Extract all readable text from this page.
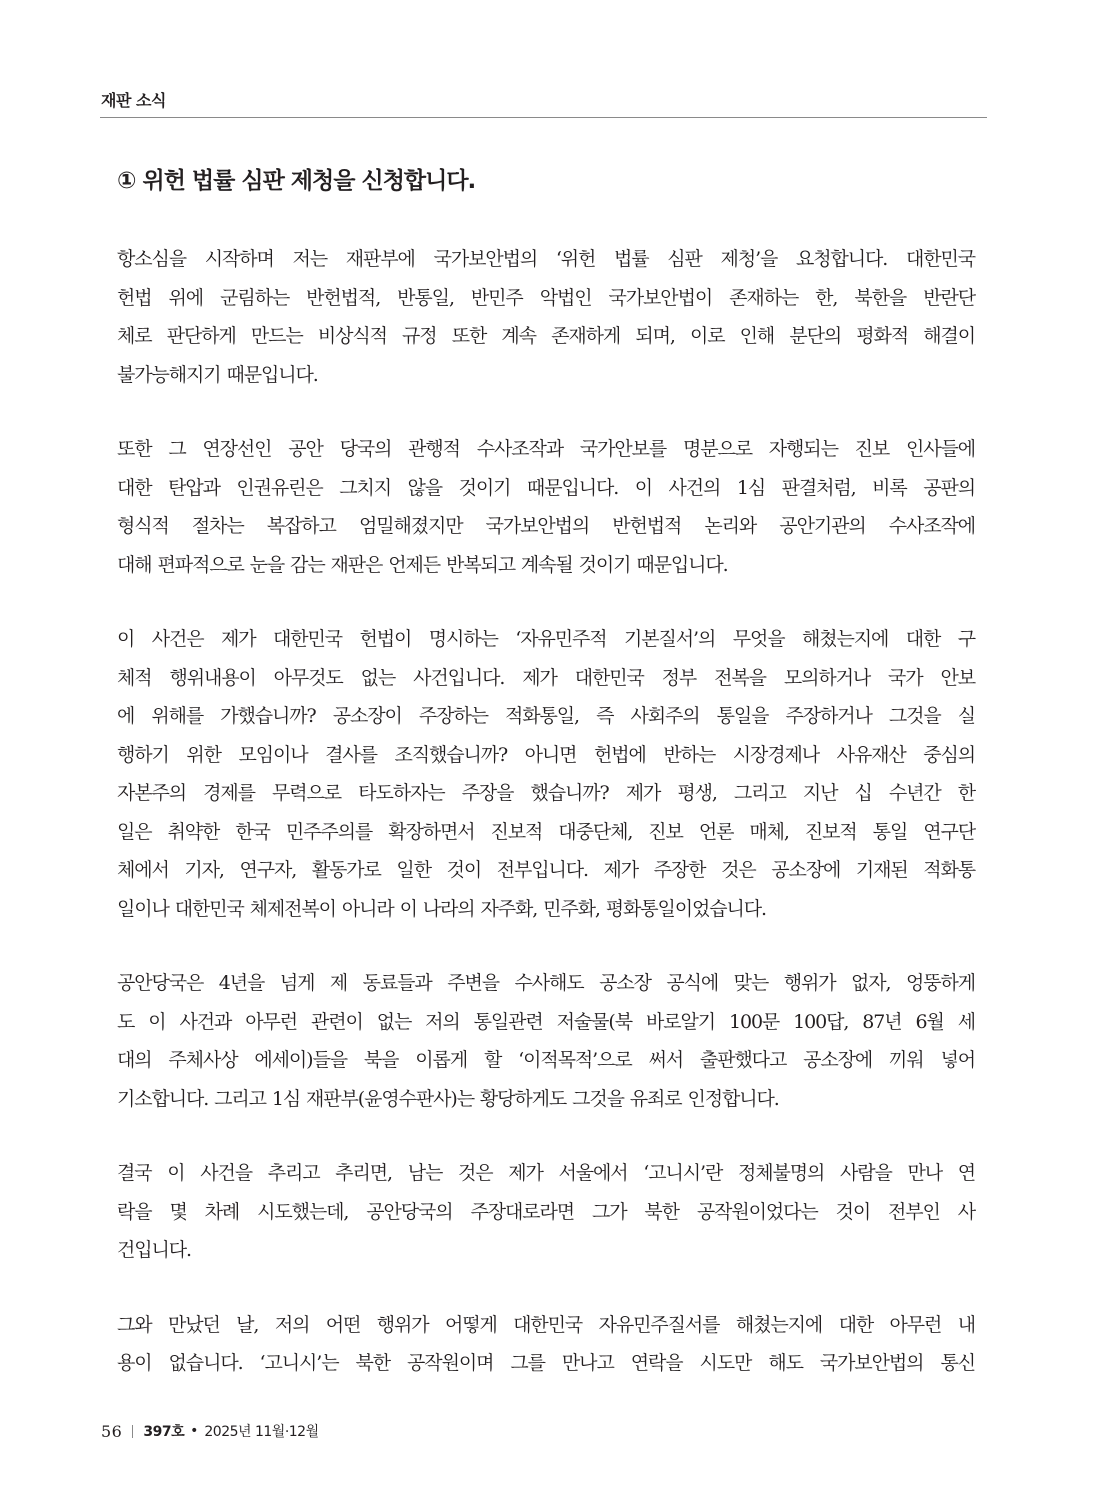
재판 소식
① 위헌 법률 심판 제청을 신청합니다.

항소심을 시작하며 저는 재판부에 국가보안법의 ‘위헌 법률 심판 제청’을 요청합니다. 대한민국
헌법 위에 군림하는 반헌법적, 반통일, 반민주 악법인 국가보안법이 존재하는 한, 북한을 반란단
체로 판단하게 만드는 비상식적 규정 또한 계속 존재하게 되며, 이로 인해 분단의 평화적 해결이
불가능해지기 때문입니다.

또한 그 연장선인 공안 당국의 관행적 수사조작과 국가안보를 명분으로 자행되는 진보 인사들에
대한 탄압과 인권유린은 그치지 않을 것이기 때문입니다. 이 사건의 1심 판결처럼, 비록 공판의
형식적 절차는 복잡하고 엄밀해졌지만 국가보안법의 반헌법적 논리와 공안기관의 수사조작에
대해 편파적으로 눈을 감는 재판은 언제든 반복되고 계속될 것이기 때문입니다.

이 사건은 제가 대한민국 헌법이 명시하는 ‘자유민주적 기본질서’의 무엇을 해쳤는지에 대한 구
체적 행위내용이 아무것도 없는 사건입니다. 제가 대한민국 정부 전복을 모의하거나 국가 안보
에 위해를 가했습니까? 공소장이 주장하는 적화통일, 즉 사회주의 통일을 주장하거나 그것을 실
행하기 위한 모임이나 결사를 조직했습니까? 아니면 헌법에 반하는 시장경제나 사유재산 중심의
자본주의 경제를 무력으로 타도하자는 주장을 했습니까? 제가 평생, 그리고 지난 십 수년간 한
일은 취약한 한국 민주주의를 확장하면서 진보적 대중단체, 진보 언론 매체, 진보적 통일 연구단
체에서 기자, 연구자, 활동가로 일한 것이 전부입니다. 제가 주장한 것은 공소장에 기재된 적화통
일이나 대한민국 체제전복이 아니라 이 나라의 자주화, 민주화, 평화통일이었습니다.

공안당국은 4년을 넘게 제 동료들과 주변을 수사해도 공소장 공식에 맞는 행위가 없자, 엉뚱하게
도 이 사건과 아무런 관련이 없는 저의 통일관련 저술물(북 바로알기 100문 100답, 87년 6월 세
대의 주체사상 에세이)들을 북을 이롭게 할 ‘이적목적’으로 써서 출판했다고 공소장에 끼워 넣어
기소합니다. 그리고 1심 재판부(윤영수판사)는 황당하게도 그것을 유죄로 인정합니다.

결국 이 사건을 추리고 추리면, 남는 것은 제가 서울에서 ‘고니시’란 정체불명의 사람을 만나 연
락을 몇 차례 시도했는데, 공안당국의 주장대로라면 그가 북한 공작원이었다는 것이 전부인 사
건입니다.

그와 만났던 날, 저의 어떤 행위가 어떻게 대한민국 자유민주질서를 해쳤는지에 대한 아무런 내
용이 없습니다. ‘고니시’는 북한 공작원이며 그를 만나고 연락을 시도만 해도 국가보안법의 통신

56 397호 • 2025년 11월·12월
